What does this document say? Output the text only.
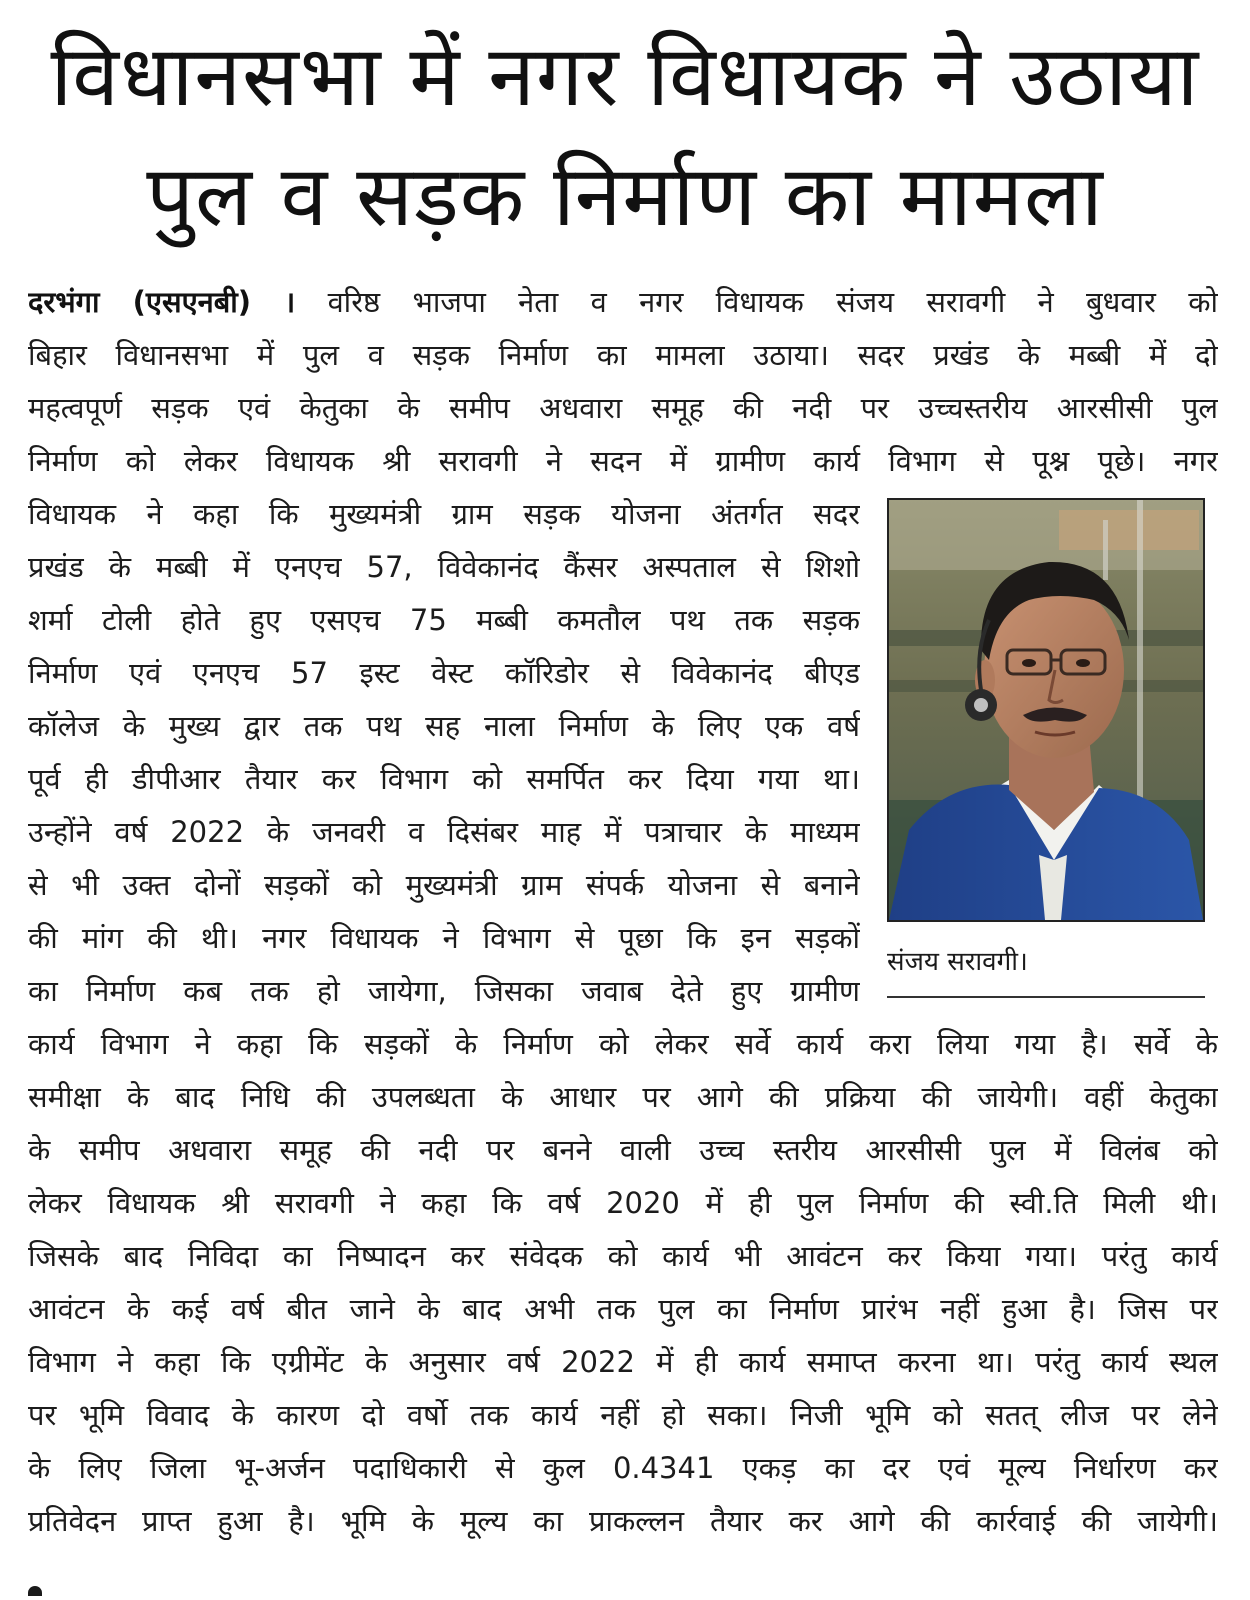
विधानसभा में नगर विधायक ने उठाया
पुल व सड़क निर्माण का मामला
दरभंगा (एसएनबी) । वरिष्ठ भाजपा नेता व नगर विधायक संजय सरावगी ने बुधवार को
बिहार विधानसभा में पुल व सड़क निर्माण का मामला उठाया। सदर प्रखंड के मब्बी में दो
महत्वपूर्ण सड़क एवं केतुका के समीप अधवारा समूह की नदी पर उच्चस्तरीय आरसीसी पुल
निर्माण को लेकर विधायक श्री सरावगी ने सदन में ग्रामीण कार्य विभाग से पूश्न पूछे। नगर
विधायक ने कहा कि मुख्यमंत्री ग्राम सड़क योजना अंतर्गत सदर
प्रखंड के मब्बी में एनएच 57, विवेकानंद कैंसर अस्पताल से शिशो
शर्मा टोली होते हुए एसएच 75 मब्बी कमतौल पथ तक सड़क
निर्माण एवं एनएच 57 इस्ट वेस्ट कॉरिडोर से विवेकानंद बीएड
कॉलेज के मुख्य द्वार तक पथ सह नाला निर्माण के लिए एक वर्ष
पूर्व ही डीपीआर तैयार कर विभाग को समर्पित कर दिया गया था।
उन्होंने वर्ष 2022 के जनवरी व दिसंबर माह में पत्राचार के माध्यम
से भी उक्त दोनों सड़कों को मुख्यमंत्री ग्राम संपर्क योजना से बनाने
की मांग की थी। नगर विधायक ने विभाग से पूछा कि इन सड़कों
का निर्माण कब तक हो जायेगा, जिसका जवाब देते हुए ग्रामीण
कार्य विभाग ने कहा कि सड़कों के निर्माण को लेकर सर्वे कार्य करा लिया गया है। सर्वे के
समीक्षा के बाद निधि की उपलब्धता के आधार पर आगे की प्रक्रिया की जायेगी। वहीं केतुका
के समीप अधवारा समूह की नदी पर बनने वाली उच्च स्तरीय आरसीसी पुल में विलंब को
लेकर विधायक श्री सरावगी ने कहा कि वर्ष 2020 में ही पुल निर्माण की स्वी.ति मिली थी।
जिसके बाद निविदा का निष्पादन कर संवेदक को कार्य भी आवंटन कर किया गया। परंतु कार्य
आवंटन के कई वर्ष बीत जाने के बाद अभी तक पुल का निर्माण प्रारंभ नहीं हुआ है। जिस पर
विभाग ने कहा कि एग्रीमेंट के अनुसार वर्ष 2022 में ही कार्य समाप्त करना था। परंतु कार्य स्थल
पर भूमि विवाद के कारण दो वर्षो तक कार्य नहीं हो सका। निजी भूमि को सतत् लीज पर लेने
के लिए जिला भू-अर्जन पदाधिकारी से कुल 0.4341 एकड़ का दर एवं मूल्य निर्धारण कर
प्रतिवेदन प्राप्त हुआ है। भूमि के मूल्य का प्राकल्लन तैयार कर आगे की कार्रवाई की जायेगी।
संजय सरावगी।
